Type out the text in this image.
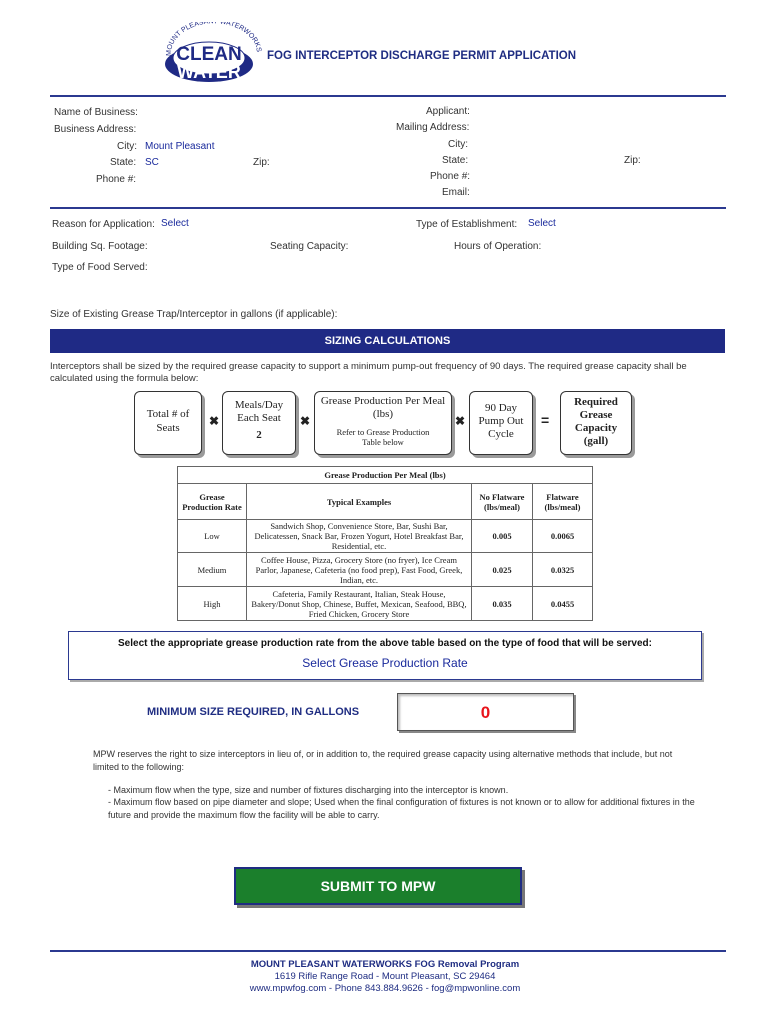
MOUNT PLEASA WATERWORKS
CLEAN
WATER
FOG INTERCEPTOR DISCHARGE PERMIT APPLICATION
Name of Business:
Business Address:
City: Mount Pleasant
State: SC	Zip:
Phone #:
Applicant:
Mailing Address:
City:
State:	Zip:
Phone #:
Email:
Reason for Application: Select	Type of Establishment: Select
Building Sq. Footage:	Seating Capacity:	Hours of Operation:
Type of Food Served:
Size of Existing Grease Trap/Interceptor in gallons (if applicable):
SIZING CALCULATIONS
Interceptors shall be sized by the required grease capacity to support a minimum pump-out frequency of 90 days. The required grease capacity shall be calculated using the formula below:
Total # of Seats	✖
Meals/Day Each Seat
2
✖
Grease Production Per Meal (lbs)
Refer to Grease Production Table below
✖
90 Day Pump Out Cycle
=
Required Grease Capacity (gall)
Grease Production Per Meal (lbs)			
Grease Production Rate	Typical Examples	No Flatware (lbs/meal)	Flatware (lbs/meal)
Low	Sandwich Shop, Convenience Store, Bar, Sushi Bar, Delicatessen, Snack Bar, Frozen Yogurt, Hotel Breakfast Bar, Residential, etc.	0.005	0.0065
Medium	Coffee House, Pizza, Grocery Store (no fryer), Ice Cream Parlor, Japanese, Cafeteria (no food prep), Fast Food, Greek, Indian, etc.	0.025	0.0325
High	Cafeteria, Family Restaurant, Italian, Steak House, Bakery/Donut Shop, Chinese, Buffet, Mexican, Seafood, BBQ, Fried Chicken, Grocery Store	0.035	0.0455
Select the appropriate grease production rate from the above table based on the type of food that will be served:
Select Grease Production Rate
MINIMUM SIZE REQUIRED, IN GALLONS	0
MPW reserves the right to size interceptors in lieu of, or in addition to, the required grease capacity using alternative methods that include, but not limited to the following:
- Maximum flow when the type, size and number of fixtures discharging into the interceptor is known.
- Maximum flow based on pipe diameter and slope; Used when the final configuration of fixtures is not known or to allow for additional fixtures in the future and provide the maximum flow the facility will be able to carry.
SUBMIT TO MPW
MOUNT PLEASANT WATERWORKS FOG Removal Program
1619 Rifle Range Road - Mount Pleasant, SC 29464
www.mpwfog.com - Phone 843.884.9626 - fog@mpwonline.com
